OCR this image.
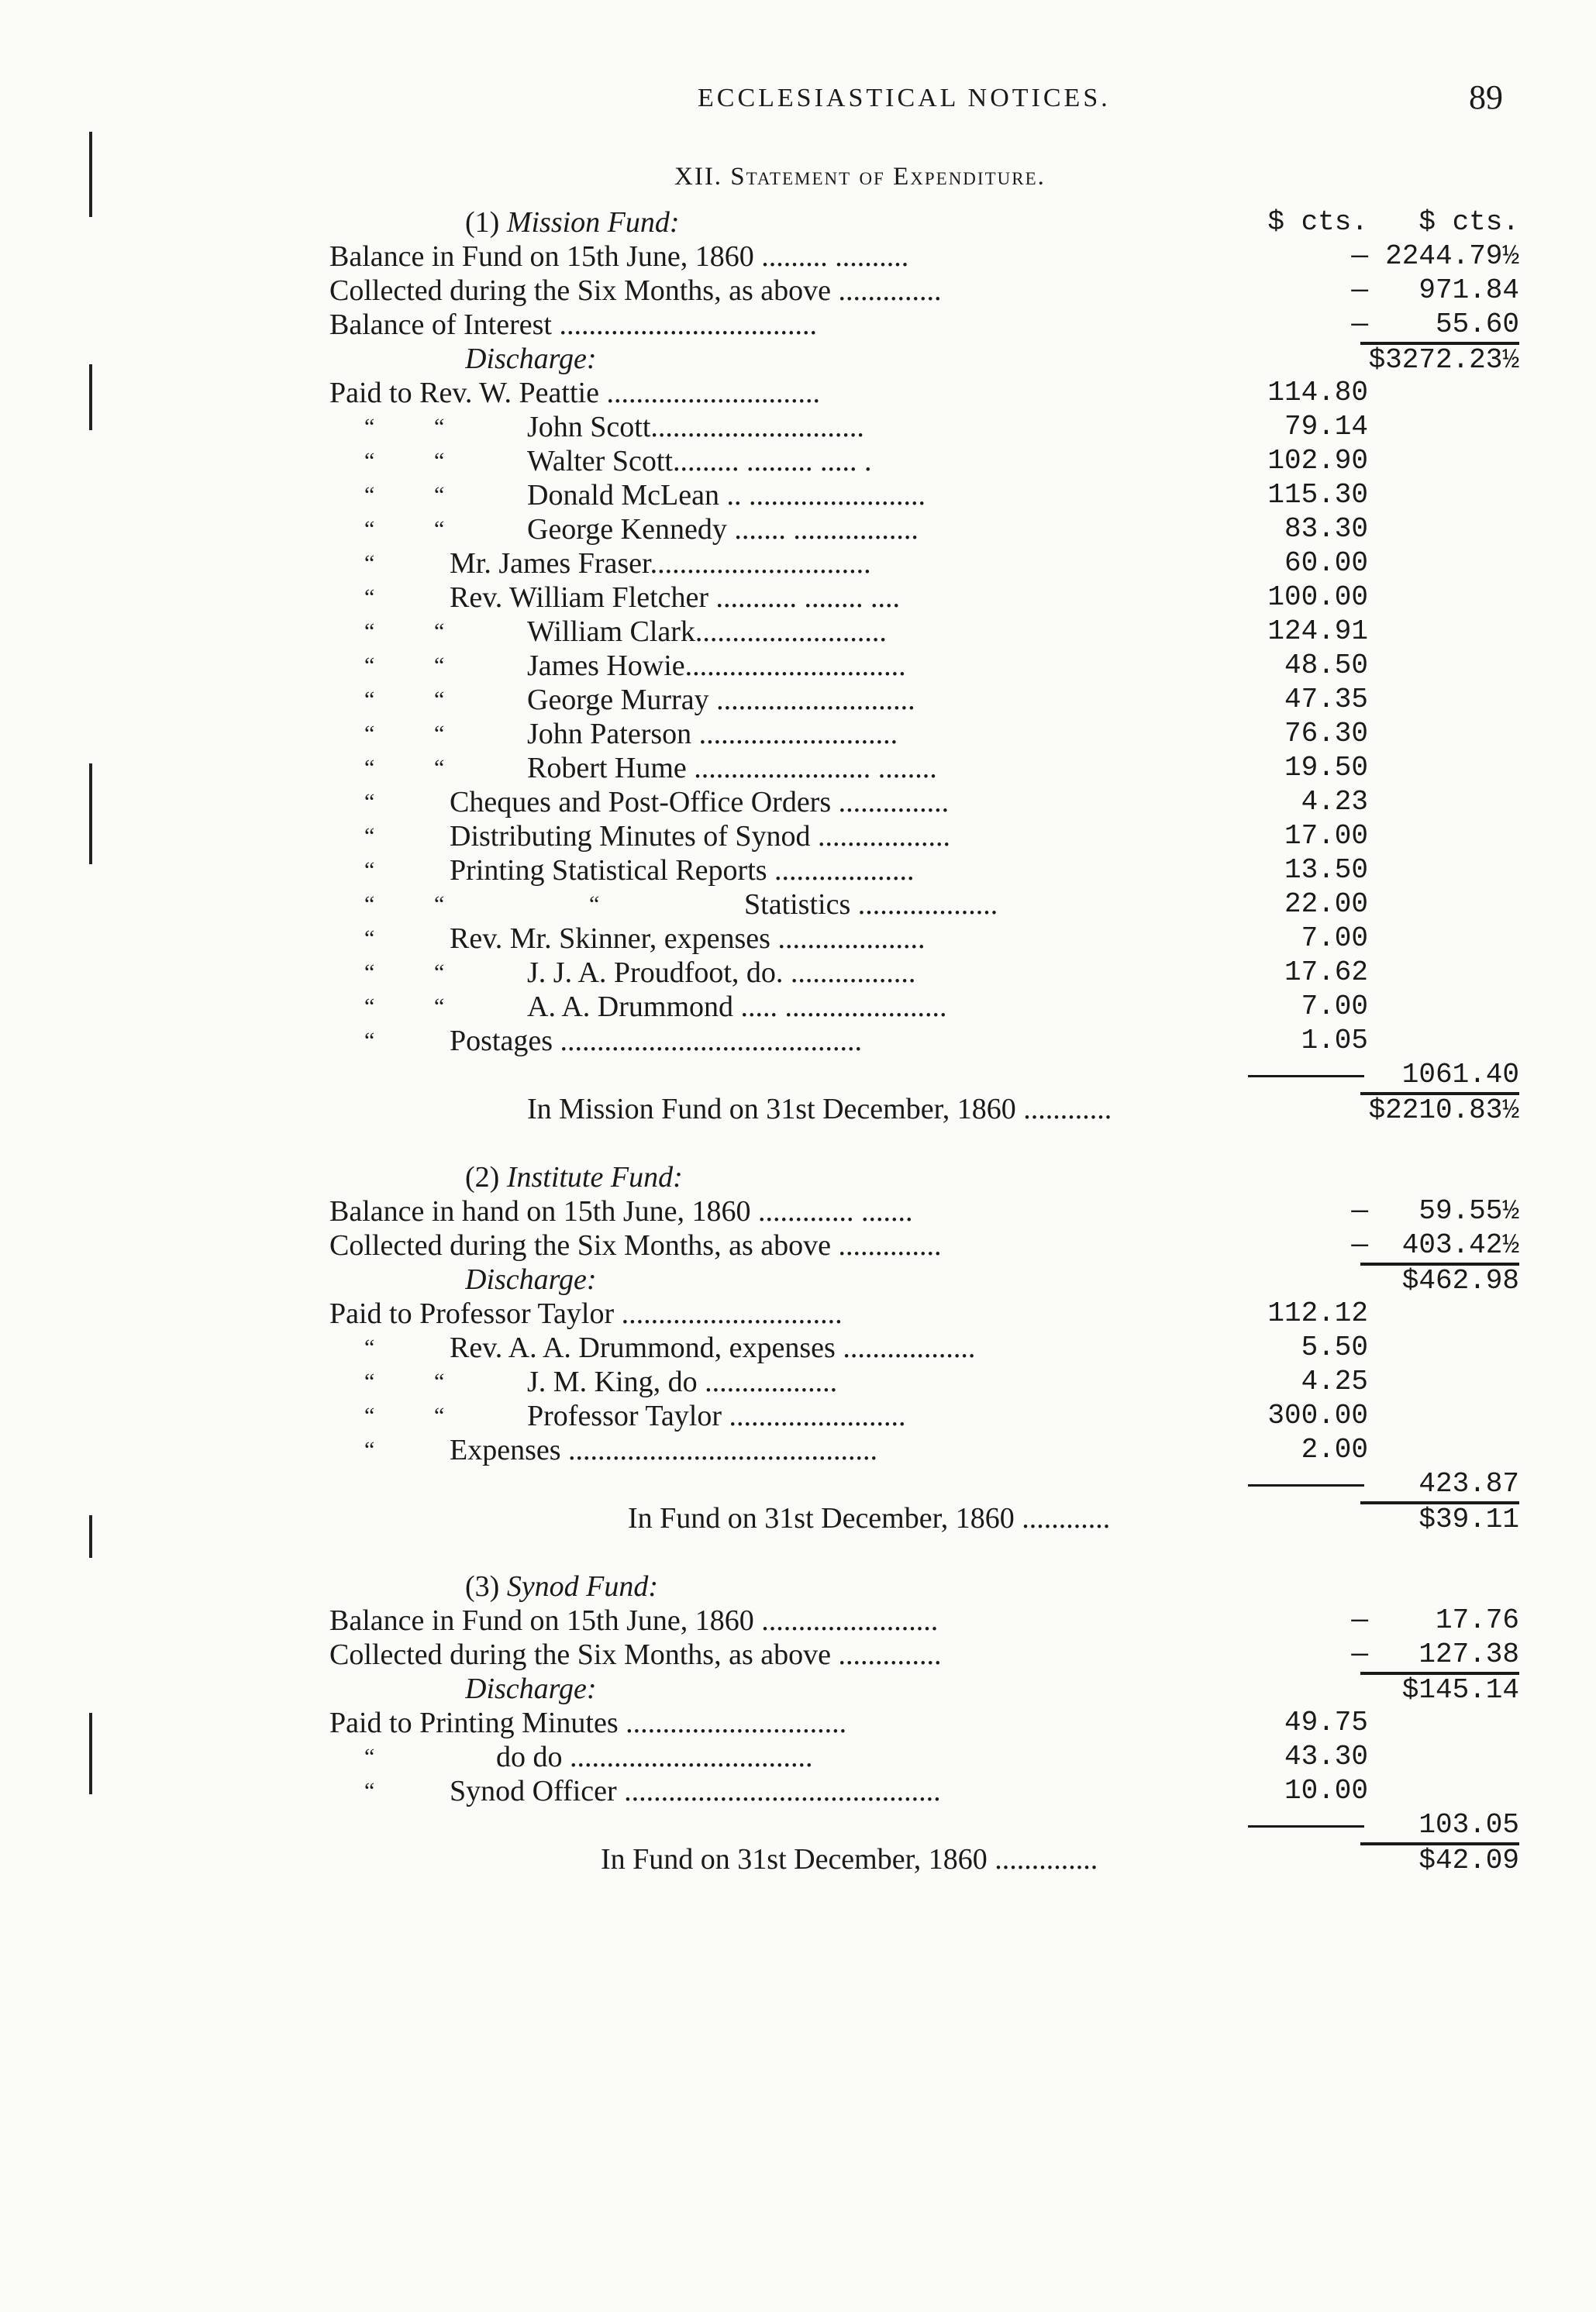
ECCLESIASTICAL NOTICES.	89
XII. Statement of Expenditure.
(1) Mission Fund:	$ cts.	$ cts.
Balance in Fund on 15th June, 1860 ......... ..........	— 2244.79½
Collected during the Six Months, as above ..............	—	971.84
Balance of Interest ...................................	—	55.60
Discharge:	$3272.23½
Paid to Rev. W. Peattie .............................	114.80
“	“	John Scott.............................	79.14
“	“	Walter Scott......... ......... ..... .	102.90
“	“	Donald McLean .. ........................	115.30
“	“	George Kennedy ....... .................	83.30
“	Mr. James Fraser..............................	60.00
“	Rev. William Fletcher ........... ........ ....	100.00
“	“	William Clark..........................	124.91
“	“	James Howie..............................	48.50
“	“	George Murray ...........................	47.35
“	“	John Paterson ...........................	76.30
“	“	Robert Hume ........................ ........	19.50
“	Cheques and Post-Office Orders ...............	4.23
“	Distributing Minutes of Synod ..................	17.00
“	Printing Statistical Reports ...................	13.50
“	“	“	Statistics ...................	22.00
“	Rev. Mr. Skinner, expenses ....................	7.00
“	“	J. J. A. Proudfoot, do. .................	17.62
“	“	A. A. Drummond ..... ......................	7.00
“	Postages .........................................	1.05
1061.40
In Mission Fund on 31st December, 1860 ............	$2210.83½
(2) Institute Fund:
Balance in hand on 15th June, 1860 ............. .......	—	59.55½
Collected during the Six Months, as above ..............	—	403.42½
Discharge:	$462.98
Paid to Professor Taylor ..............................	112.12
“	Rev. A. A. Drummond, expenses ..................	5.50
“	“	J. M. King, do ..................	4.25
“	“	Professor Taylor ........................	300.00
“	Expenses ..........................................	2.00
423.87
In Fund on 31st December, 1860 ............	$39.11
(3) Synod Fund:
Balance in Fund on 15th June, 1860 ........................	—	17.76
Collected during the Six Months, as above ..............	—	127.38
Discharge:	$145.14
Paid to Printing Minutes ..............................	49.75
“	do do .................................	43.30
“	Synod Officer ...........................................	10.00
103.05
In Fund on 31st December, 1860 ..............	$42.09
